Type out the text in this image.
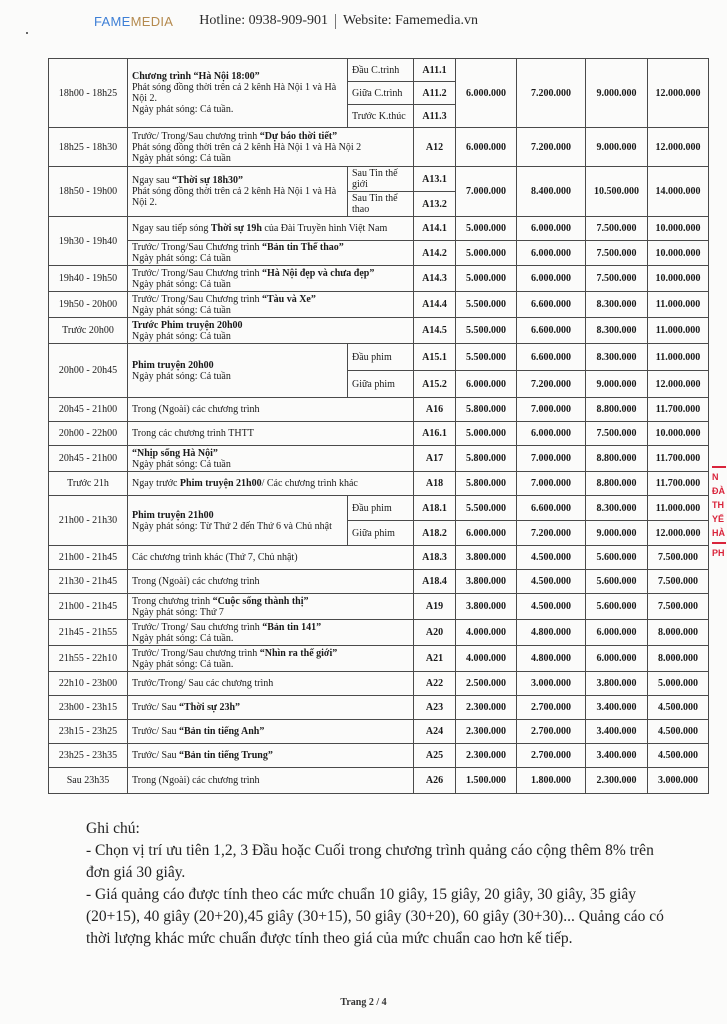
FAMEMEDIA Hotline: 0938-909-901 Website: Famemedia.vn
18h00 - 18h25	Chương trình “Hà Nội 18:00”
Phát sóng đồng thời trên cả 2 kênh Hà Nội 1 và Hà Nội 2.
Ngày phát sóng: Cả tuần.	Đầu C.trình	A11.1	6.000.000	7.200.000	9.000.000	12.000.000
		Giữa C.trình	A11.2				
		Trước K.thúc	A11.3				
18h25 - 18h30	Trước/ Trong/Sau chương trình “Dự báo thời tiết”
Phát sóng đồng thời trên cả 2 kênh Hà Nội 1 và Hà Nội 2
Ngày phát sóng: Cả tuần		A12	6.000.000	7.200.000	9.000.000	12.000.000
18h50 - 19h00	Ngay sau “Thời sự 18h30”
Phát sóng đồng thời trên cả 2 kênh Hà Nội 1 và Hà Nội 2.	Sau Tin thế giới	A13.1	7.000.000	8.400.000	10.500.000	14.000.000
		Sau Tin thể thao	A13.2				
19h30 - 19h40	Ngay sau tiếp sóng Thời sự 19h của Đài Truyền hình Việt Nam		A14.1	5.000.000	6.000.000	7.500.000	10.000.000
	Trước/ Trong/Sau Chương trình “Bản tin Thể thao”
Ngày phát sóng: Cả tuần		A14.2	5.000.000	6.000.000	7.500.000	10.000.000
19h40 - 19h50	Trước/ Trong/Sau Chương trình “Hà Nội đẹp và chưa đẹp”
Ngày phát sóng: Cả tuần		A14.3	5.000.000	6.000.000	7.500.000	10.000.000
19h50 - 20h00	Trước/ Trong/Sau Chương trình “Tàu và Xe”
Ngày phát sóng: Cả tuần		A14.4	5.500.000	6.600.000	8.300.000	11.000.000
Trước 20h00	Trước Phim truyện 20h00
Ngày phát sóng: Cả tuần		A14.5	5.500.000	6.600.000	8.300.000	11.000.000
20h00 - 20h45	Phim truyện 20h00
Ngày phát sóng: Cả tuần	Đầu phim	A15.1	5.500.000	6.600.000	8.300.000	11.000.000
		Giữa phim	A15.2	6.000.000	7.200.000	9.000.000	12.000.000
20h45 - 21h00	Trong (Ngoài) các chương trình		A16	5.800.000	7.000.000	8.800.000	11.700.000
20h00 - 22h00	Trong các chương trình THTT		A16.1	5.000.000	6.000.000	7.500.000	10.000.000
20h45 - 21h00	“Nhịp sống Hà Nội”
Ngày phát sóng: Cả tuần		A17	5.800.000	7.000.000	8.800.000	11.700.000
Trước 21h	Ngay trước Phim truyện 21h00/ Các chương trình khác		A18	5.800.000	7.000.000	8.800.000	11.700.000
21h00 - 21h30	Phim truyện 21h00
Ngày phát sóng: Từ Thứ 2 đến Thứ 6 và Chủ nhật	Đầu phim	A18.1	5.500.000	6.600.000	8.300.000	11.000.000
		Giữa phim	A18.2	6.000.000	7.200.000	9.000.000	12.000.000
21h00 - 21h45	Các chương trình khác (Thứ 7, Chủ nhật)		A18.3	3.800.000	4.500.000	5.600.000	7.500.000
21h30 - 21h45	Trong (Ngoài) các chương trình		A18.4	3.800.000	4.500.000	5.600.000	7.500.000
21h00 - 21h45	Trong chương trình “Cuộc sống thành thị”
Ngày phát sóng: Thứ 7		A19	3.800.000	4.500.000	5.600.000	7.500.000
21h45 - 21h55	Trước/ Trong/ Sau chương trình “Bản tin 141”
Ngày phát sóng: Cả tuần.		A20	4.000.000	4.800.000	6.000.000	8.000.000
21h55 - 22h10	Trước/ Trong/Sau chương trình “Nhìn ra thế giới”
Ngày phát sóng: Cả tuần.		A21	4.000.000	4.800.000	6.000.000	8.000.000
22h10 - 23h00	Trước/Trong/ Sau các chương trình		A22	2.500.000	3.000.000	3.800.000	5.000.000
23h00 - 23h15	Trước/ Sau “Thời sự 23h”		A23	2.300.000	2.700.000	3.400.000	4.500.000
23h15 - 23h25	Trước/ Sau “Bản tin tiếng Anh”		A24	2.300.000	2.700.000	3.400.000	4.500.000
23h25 - 23h35	Trước/ Sau “Bản tin tiếng Trung”		A25	2.300.000	2.700.000	3.400.000	4.500.000
Sau 23h35	Trong (Ngoài) các chương trình		A26	1.500.000	1.800.000	2.300.000	3.000.000
N
ĐÀ
TH
YẾ
HÀ
PH

Ghi chú:

- Chọn vị trí ưu tiên 1,2, 3 Đầu hoặc Cuối trong chương trình quảng cáo cộng thêm 8% trên đơn giá 30 giây.

- Giá quảng cáo được tính theo các mức chuẩn 10 giây, 15 giây, 20 giây, 30 giây, 35 giây (20+15), 40 giây (20+20),45 giây (30+15), 50 giây (30+20), 60 giây (30+30)... Quảng cáo có thời lượng khác mức chuẩn được tính theo giá của mức chuẩn cao hơn kế tiếp.

Trang 2 / 4
